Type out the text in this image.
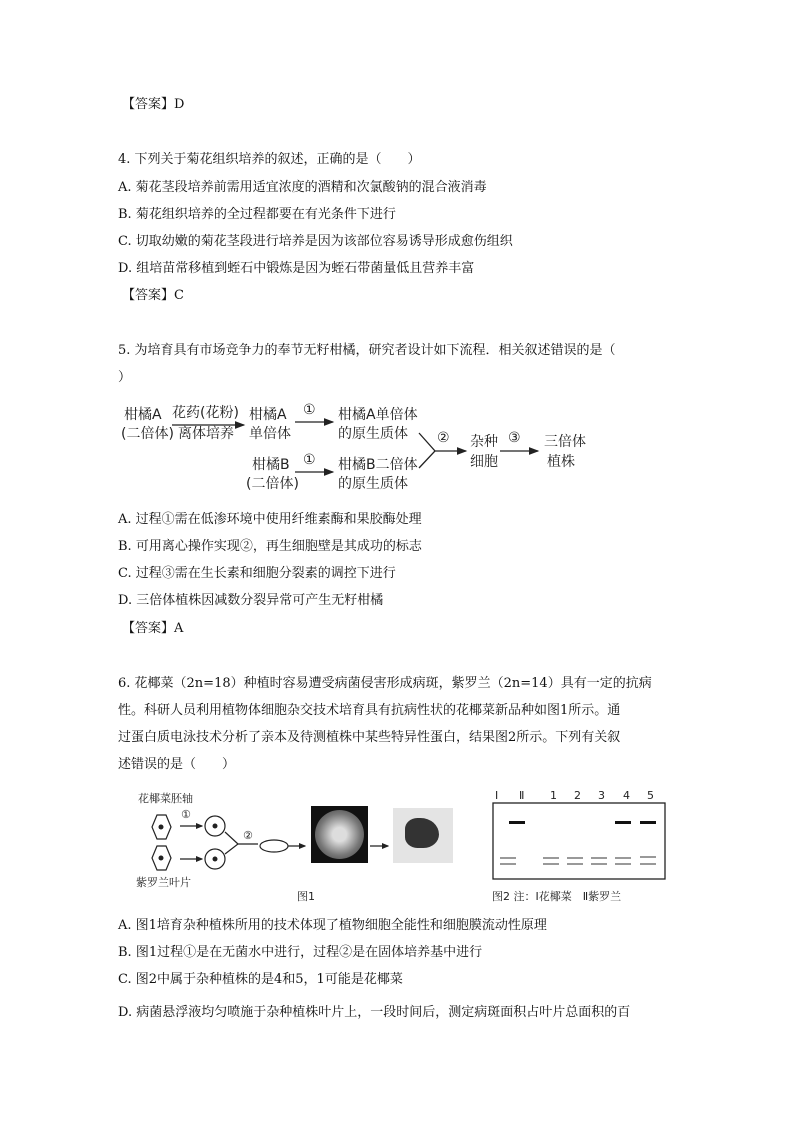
【答案】D
4. 下列关于菊花组织培养的叙述，正确的是（　　）
A. 菊花茎段培养前需用适宜浓度的酒精和次氯酸钠的混合液消毒
B. 菊花组织培养的全过程都要在有光条件下进行
C. 切取幼嫩的菊花茎段进行培养是因为该部位容易诱导形成愈伤组织
D. 组培苗常移植到蛭石中锻炼是因为蛭石带菌量低且营养丰富
【答案】C
5. 为培育具有市场竞争力的奉节无籽柑橘，研究者设计如下流程．相关叙述错误的是（
）
柑橘A
(二倍体)
花药(花粉)
离体培养
柑橘A
单倍体
① 柑橘A单倍体
的原生质体
柑橘B
(二倍体)
① 柑橘B二倍体
的原生质体
② 杂种
细胞
③ 三倍体
植株
A. 过程①需在低渗环境中使用纤维素酶和果胶酶处理
B. 可用离心操作实现②，再生细胞壁是其成功的标志
C. 过程③需在生长素和细胞分裂素的调控下进行
D. 三倍体植株因减数分裂异常可产生无籽柑橘
【答案】A
6. 花椰菜（2n=18）种植时容易遭受病菌侵害形成病斑，紫罗兰（2n=14）具有一定的抗病
性。科研人员利用植物体细胞杂交技术培育具有抗病性状的花椰菜新品种如图1所示。通
过蛋白质电泳技术分析了亲本及待测植株中某些特异性蛋白，结果图2所示。下列有关叙
述错误的是（　　）
花椰菜胚轴
紫罗兰叶片
①
②
图1
Ⅰ Ⅱ 1 2 3 4 5
图2 注：Ⅰ花椰菜　Ⅱ紫罗兰
A. 图1培育杂种植株所用的技术体现了植物细胞全能性和细胞膜流动性原理
B. 图1过程①是在无菌水中进行，过程②是在固体培养基中进行
C. 图2中属于杂种植株的是4和5，1可能是花椰菜
D. 病菌悬浮液均匀喷施于杂种植株叶片上，一段时间后，测定病斑面积占叶片总面积的百
